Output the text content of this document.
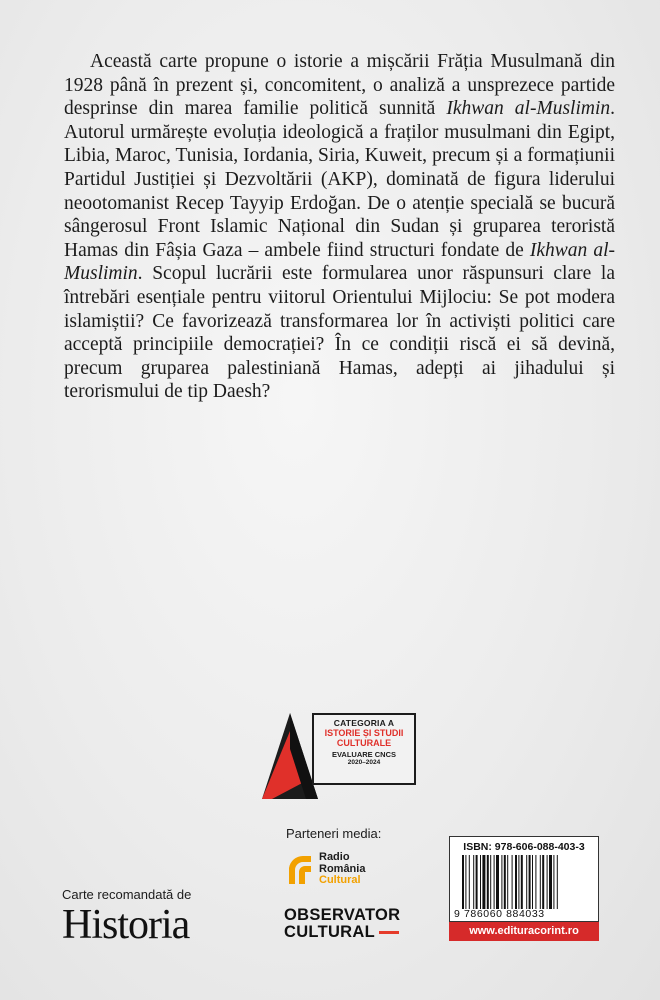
Această carte propune o istorie a mișcării Frăția Musulmană din 1928 până în prezent și, concomitent, o analiză a unsprezece partide desprinse din marea familie politică sunnită Ikhwan al-Muslimin. Autorul urmărește evoluția ideologică a fraților musulmani din Egipt, Libia, Maroc, Tunisia, Iordania, Siria, Kuweit, precum și a formațiunii Partidul Justiției și Dezvoltării (AKP), dominată de figura liderului neootomanist Recep Tayyip Erdoğan. De o atenție specială se bucură sângerosul Front Islamic Național din Sudan și gruparea teroristă Hamas din Fâșia Gaza – ambele fiind structuri fondate de Ikhwan al-Muslimin. Scopul lucrării este formularea unor răspunsuri clare la întrebări esențiale pentru viitorul Orientului Mijlociu: Se pot modera islamiștii? Ce favorizează transformarea lor în activiști politici care acceptă principiile democrației? În ce condiții riscă ei să devină, precum gruparea palestiniană Hamas, adepți ai jihadului și terorismului de tip Daesh?
CATEGORIA A
ISTORIE ȘI STUDII
CULTURALE
EVALUARE CNCS
2020–2024
Parteneri media:
Radio
România
Cultural
OBSERVATOR
CULTURAL
Carte recomandată de
Historia
ISBN: 978-606-088-403-3
9 786060 884033
www.edituracorint.ro
